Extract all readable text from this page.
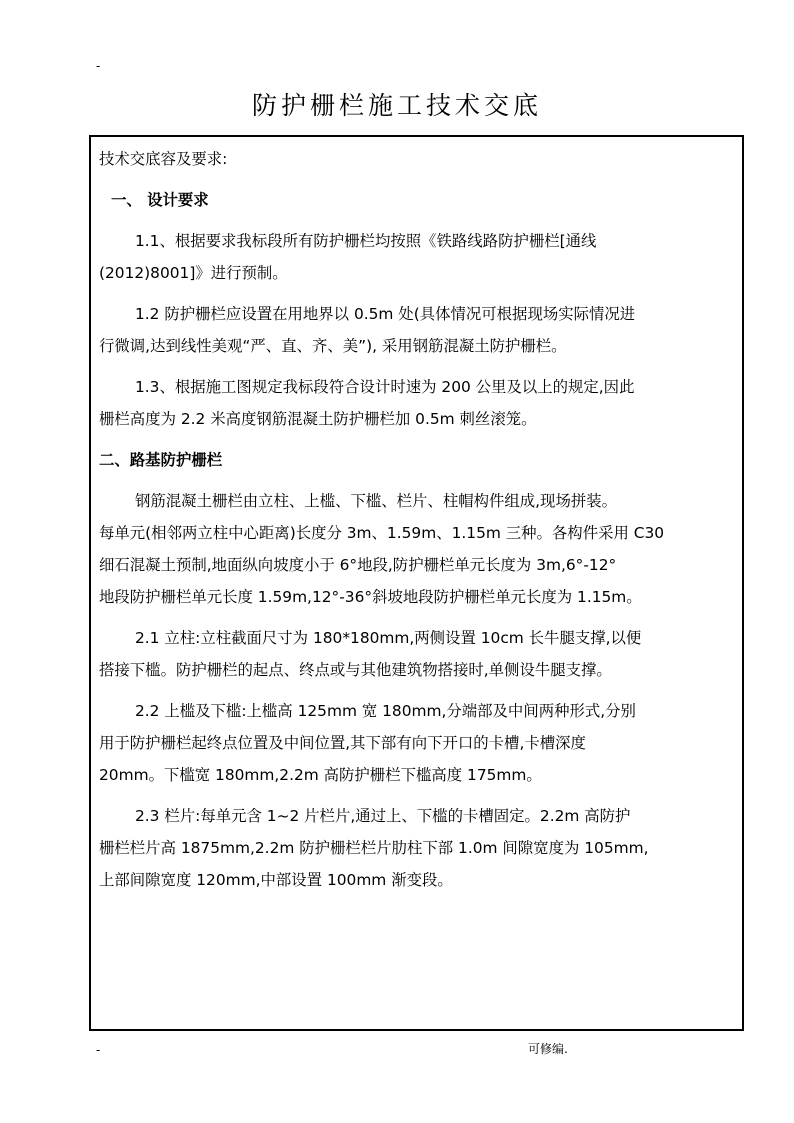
-
防护栅栏施工技术交底
技术交底容及要求:
一、 设计要求
1.1、根据要求我标段所有防护栅栏均按照《铁路线路防护栅栏[通线
(2012)8001]》进行预制。
1.2 防护栅栏应设置在用地界以 0.5m 处(具体情况可根据现场实际情况进
行微调,达到线性美观“严、直、齐、美”), 采用钢筋混凝土防护栅栏。
1.3、根据施工图规定我标段符合设计时速为 200 公里及以上的规定,因此
栅栏高度为 2.2 米高度钢筋混凝土防护栅栏加 0.5m 刺丝滚笼。
二、路基防护栅栏
钢筋混凝土栅栏由立柱、上槛、下槛、栏片、柱帽构件组成,现场拼装。
每单元(相邻两立柱中心距离)长度分 3m、1.59m、1.15m 三种。各构件采用 C30
细石混凝土预制,地面纵向坡度小于 6°地段,防护栅栏单元长度为 3m,6°-12°
地段防护栅栏单元长度 1.59m,12°-36°斜坡地段防护栅栏单元长度为 1.15m。
2.1 立柱:立柱截面尺寸为 180*180mm,两侧设置 10cm 长牛腿支撑,以便
搭接下槛。防护栅栏的起点、终点或与其他建筑物搭接时,单侧设牛腿支撑。
2.2 上槛及下槛:上槛高 125mm 宽 180mm,分端部及中间两种形式,分别
用于防护栅栏起终点位置及中间位置,其下部有向下开口的卡槽,卡槽深度
20mm。下槛宽 180mm,2.2m 高防护栅栏下槛高度 175mm。
2.3 栏片:每单元含 1~2 片栏片,通过上、下槛的卡槽固定。2.2m 高防护
栅栏栏片高 1875mm,2.2m 防护栅栏栏片肋柱下部 1.0m 间隙宽度为 105mm,
上部间隙宽度 120mm,中部设置 100mm 渐变段。
-	可修编.
